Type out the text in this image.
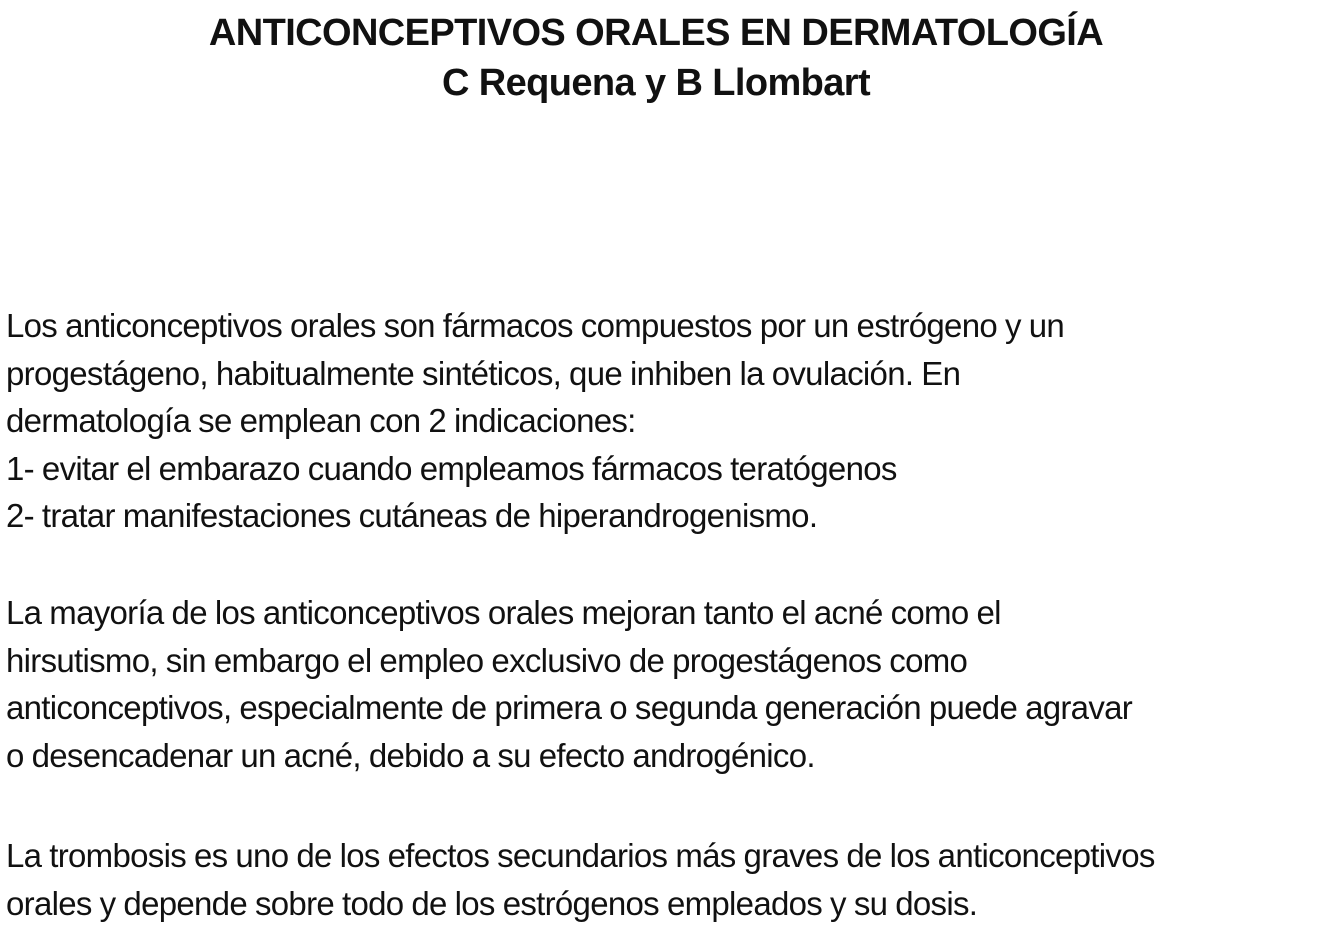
ANTICONCEPTIVOS ORALES EN DERMATOLOGÍA
C Requena y B Llombart
Los anticonceptivos orales son fármacos compuestos por un estrógeno y un
progestágeno, habitualmente sintéticos, que inhiben la ovulación. En
dermatología se emplean con 2 indicaciones:
1- evitar el embarazo cuando empleamos fármacos teratógenos
2- tratar manifestaciones cutáneas de hiperandrogenismo.
La mayoría de los anticonceptivos orales mejoran tanto el acné como el
hirsutismo, sin embargo el empleo exclusivo de progestágenos como
anticonceptivos, especialmente de primera o segunda generación puede agravar
o desencadenar un acné, debido a su efecto androgénico.
La trombosis es uno de los efectos secundarios más graves de los anticonceptivos
orales y depende sobre todo de los estrógenos empleados y su dosis.
